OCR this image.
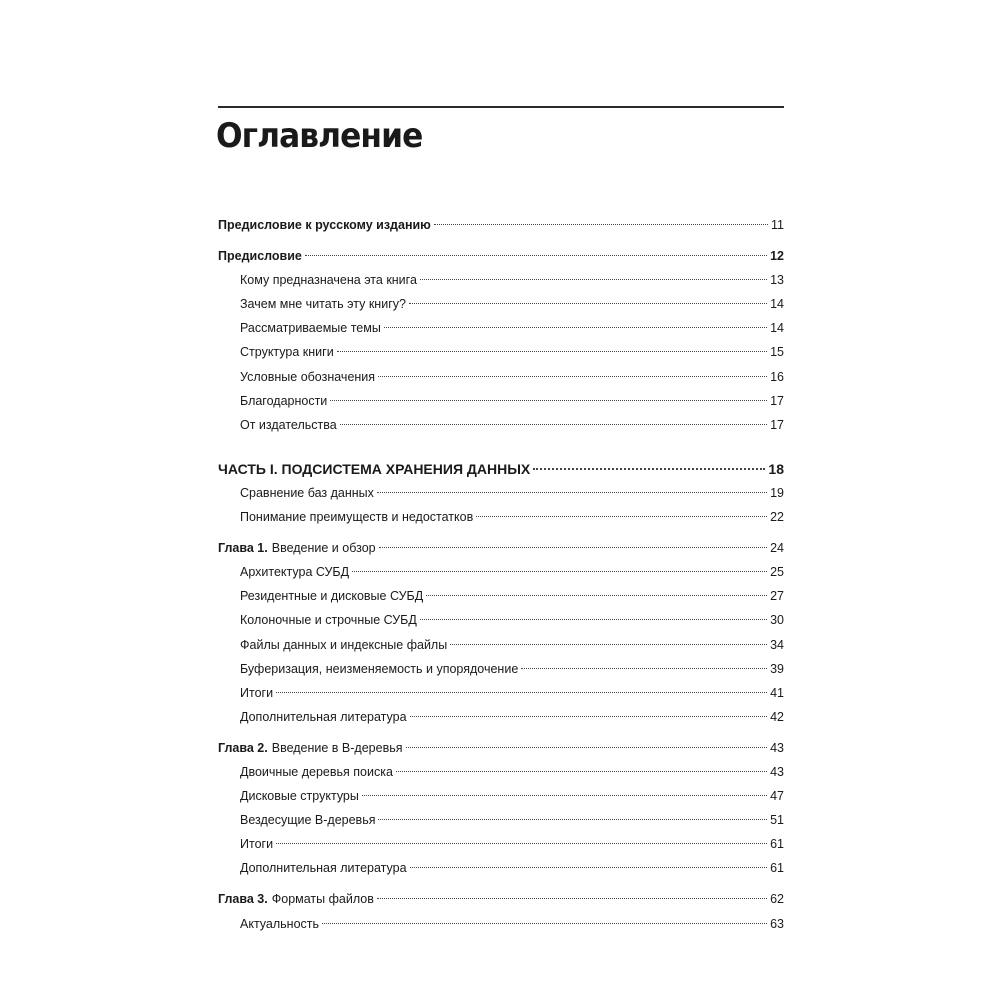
Оглавление
Предисловие к русскому изданию	11
Предисловие	12
Кому предназначена эта книга	13
Зачем мне читать эту книгу?	14
Рассматриваемые темы	14
Структура книги	15
Условные обозначения	16
Благодарности	17
От издательства	17
ЧАСТЬ I. ПОДСИСТЕМА ХРАНЕНИЯ ДАННЫХ	18
Сравнение баз данных	19
Понимание преимуществ и недостатков	22
Глава 1. Введение и обзор	24
Архитектура СУБД	25
Резидентные и дисковые СУБД	27
Колоночные и строчные СУБД	30
Файлы данных и индексные файлы	34
Буферизация, неизменяемость и упорядочение	39
Итоги	41
Дополнительная литература	42
Глава 2. Введение в B-деревья	43
Двоичные деревья поиска	43
Дисковые структуры	47
Вездесущие B-деревья	51
Итоги	61
Дополнительная литература	61
Глава 3. Форматы файлов	62
Актуальность	63
